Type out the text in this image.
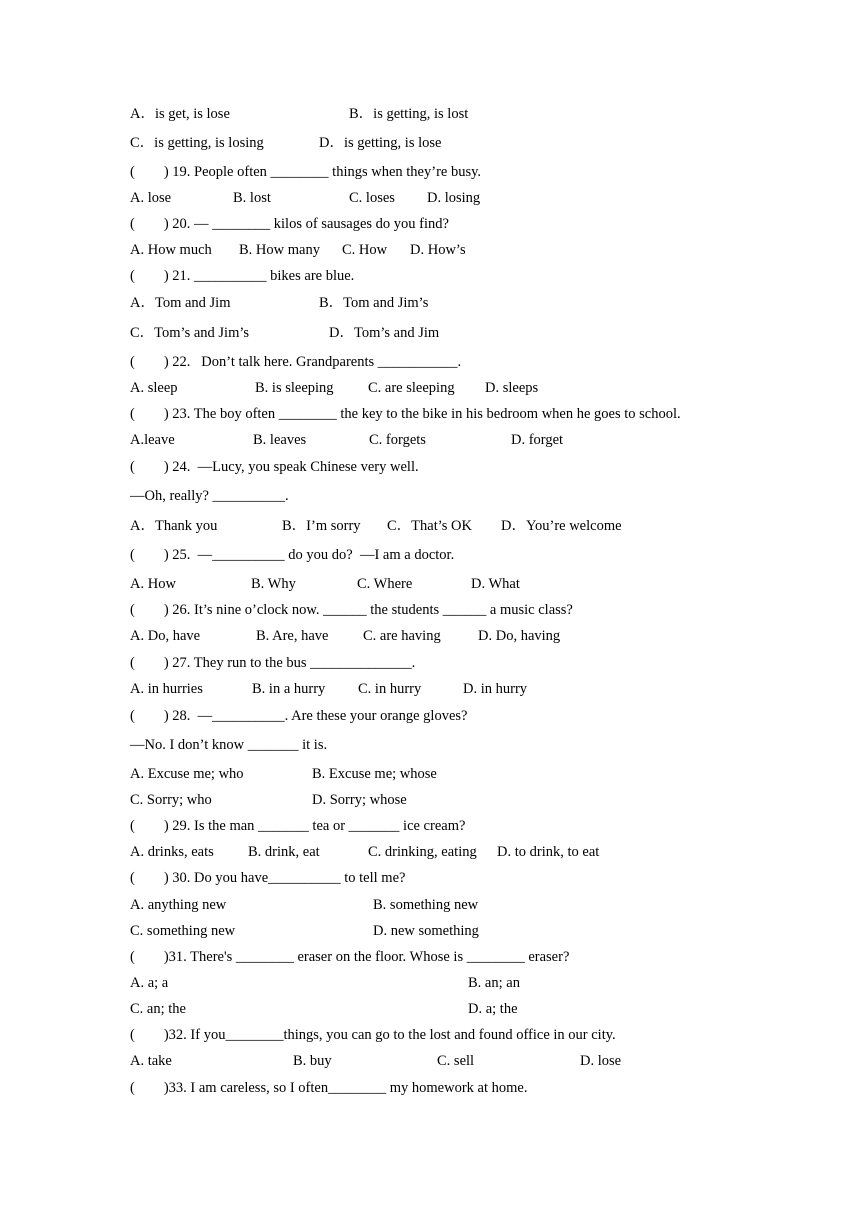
A．is get, is lose	B．is getting, is lost
C．is getting, is losing	D．is getting, is lose
(        ) 19. People often ________ things when they’re busy.
A. lose	B. lost	C. loses D. losing
(        ) 20. — ________ kilos of sausages do you find?
A. How much B. How many C. How D. How’s
(        ) 21. __________ bikes are blue.
A．Tom and Jim	B．Tom and Jim’s
C．Tom’s and Jim’s	D．Tom’s and Jim
(        ) 22.   Don’t talk here. Grandparents ___________.
A. sleep	B. is sleeping C. are sleeping D. sleeps
(        ) 23. The boy often ________ the key to the bike in his bedroom when he goes to school.
A.leave	B. leaves	C. forgets	D. forget
(        ) 24.  —Lucy, you speak Chinese very well.
—Oh, really? __________.
A．Thank you	B．I’m sorry C．That’s OK D．You’re welcome
(        ) 25.  —__________ do you do?  —I am a doctor.
A. How	B. Why	C. Where	D. What
(        ) 26. It’s nine o’clock now. ______ the students ______ a music class?
A. Do, have	B. Are, have C. are having	D. Do, having
(        ) 27. They run to the bus ______________.
A. in hurries	B. in a hurry C. in hurry	D. in hurry
(        ) 28.  —__________. Are these your orange gloves?
—No. I don’t know _______ it is.
A. Excuse me; who	B. Excuse me; whose
C. Sorry; who	D. Sorry; whose
(        ) 29. Is the man _______ tea or _______ ice cream?
A. drinks, eats B. drink, eat	C. drinking, eating D. to drink, to eat
(        ) 30. Do you have__________ to tell me?
A. anything new	B. something new
C. something new	D. new something
(        )31. There's ________ eraser on the floor. Whose is ________ eraser?
A. a; a	B. an; an
C. an; the	D. a; the
(        )32. If you________things, you can go to the lost and found office in our city.
A. take	B. buy	C. sell	D. lose
(        )33. I am careless, so I often________ my homework at home.
